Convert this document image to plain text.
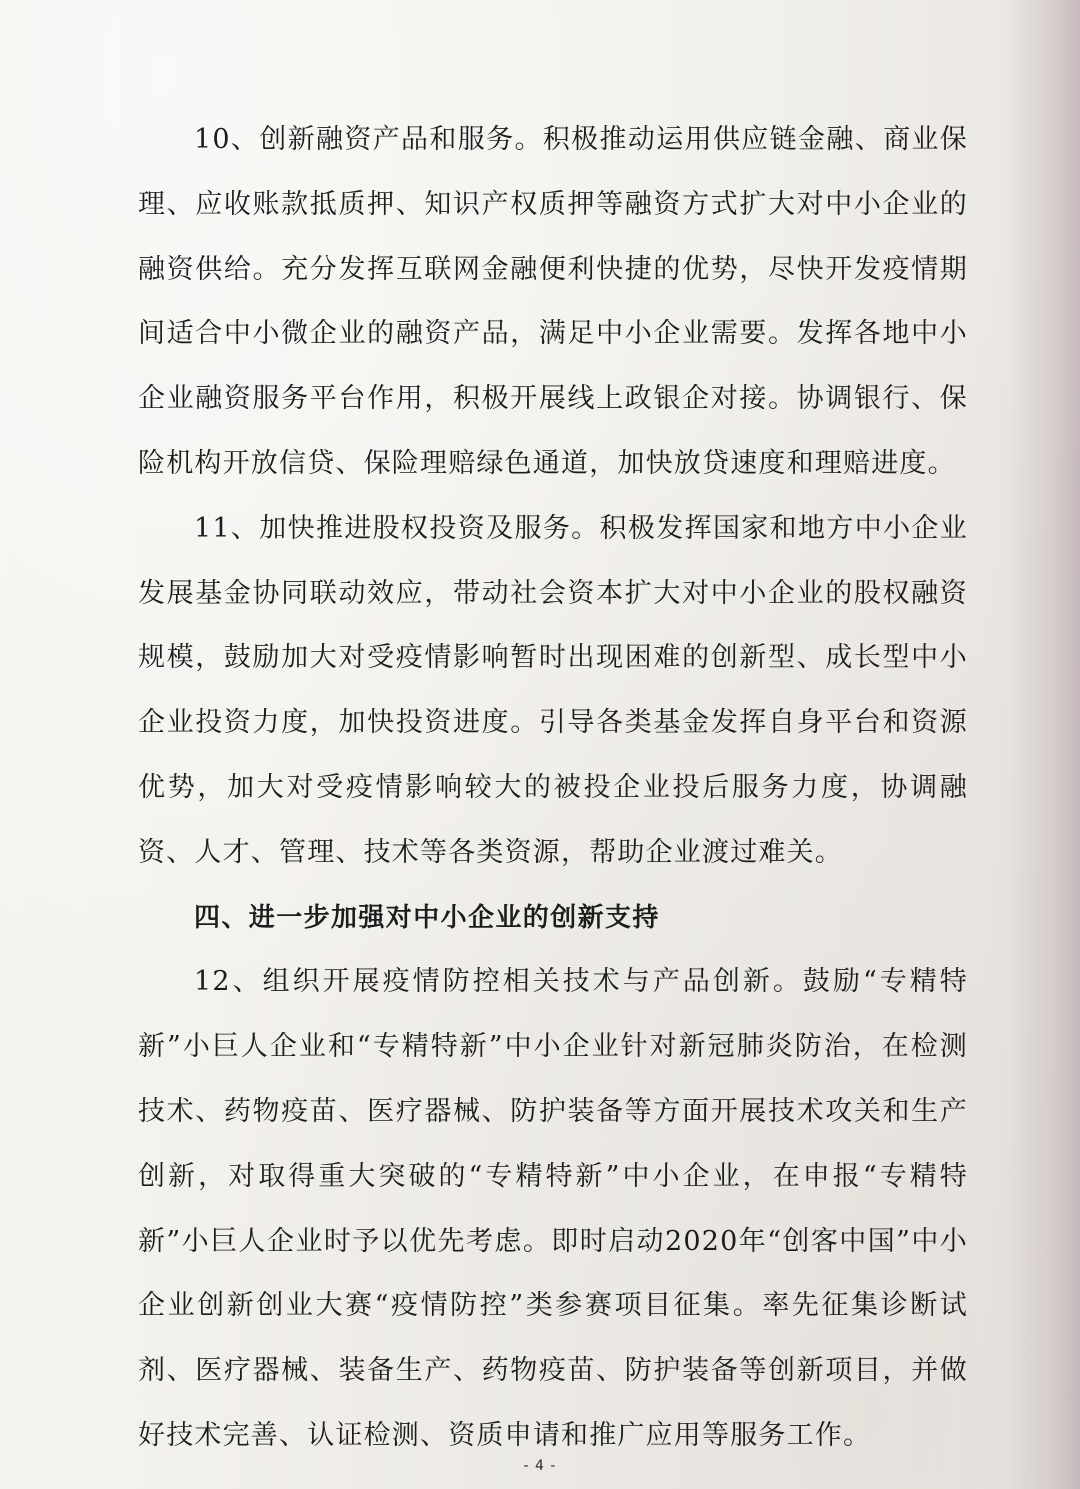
10、创新融资产品和服务。积极推动运用供应链金融、商业保理、应收账款抵质押、知识产权质押等融资方式扩大对中小企业的融资供给。充分发挥互联网金融便利快捷的优势，尽快开发疫情期间适合中小微企业的融资产品，满足中小企业需要。发挥各地中小企业融资服务平台作用，积极开展线上政银企对接。协调银行、保险机构开放信贷、保险理赔绿色通道，加快放贷速度和理赔进度。

11、加快推进股权投资及服务。积极发挥国家和地方中小企业发展基金协同联动效应，带动社会资本扩大对中小企业的股权融资规模，鼓励加大对受疫情影响暂时出现困难的创新型、成长型中小企业投资力度，加快投资进度。引导各类基金发挥自身平台和资源优势，加大对受疫情影响较大的被投企业投后服务力度，协调融资、人才、管理、技术等各类资源，帮助企业渡过难关。

四、进一步加强对中小企业的创新支持

12、组织开展疫情防控相关技术与产品创新。鼓励“专精特新”小巨人企业和“专精特新”中小企业针对新冠肺炎防治，在检测技术、药物疫苗、医疗器械、防护装备等方面开展技术攻关和生产创新，对取得重大突破的“专精特新”中小企业，在申报“专精特新”小巨人企业时予以优先考虑。即时启动2020年“创客中国”中小企业创新创业大赛“疫情防控”类参赛项目征集。率先征集诊断试剂、医疗器械、装备生产、药物疫苗、防护装备等创新项目，并做好技术完善、认证检测、资质申请和推广应用等服务工作。

- 4 -
